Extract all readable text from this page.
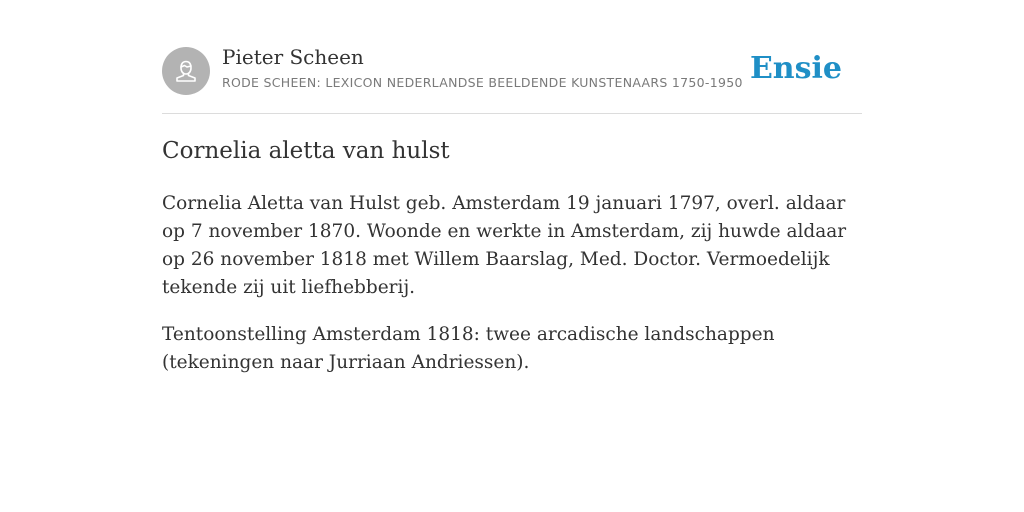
Pieter Scheen
RODE SCHEEN: LEXICON NEDERLANDSE BEELDENDE KUNSTENAARS 1750-1950 Ensie
Cornelia aletta van hulst

Cornelia Aletta van Hulst geb. Amsterdam 19 januari 1797, overl. aldaar op 7 november 1870. Woonde en werkte in Amsterdam, zij huwde aldaar op 26 november 1818 met Willem Baarslag, Med. Doctor. Vermoedelijk tekende zij uit liefhebberij.

Tentoonstelling Amsterdam 1818: twee arcadische landschappen (tekeningen naar Jurriaan Andriessen).
